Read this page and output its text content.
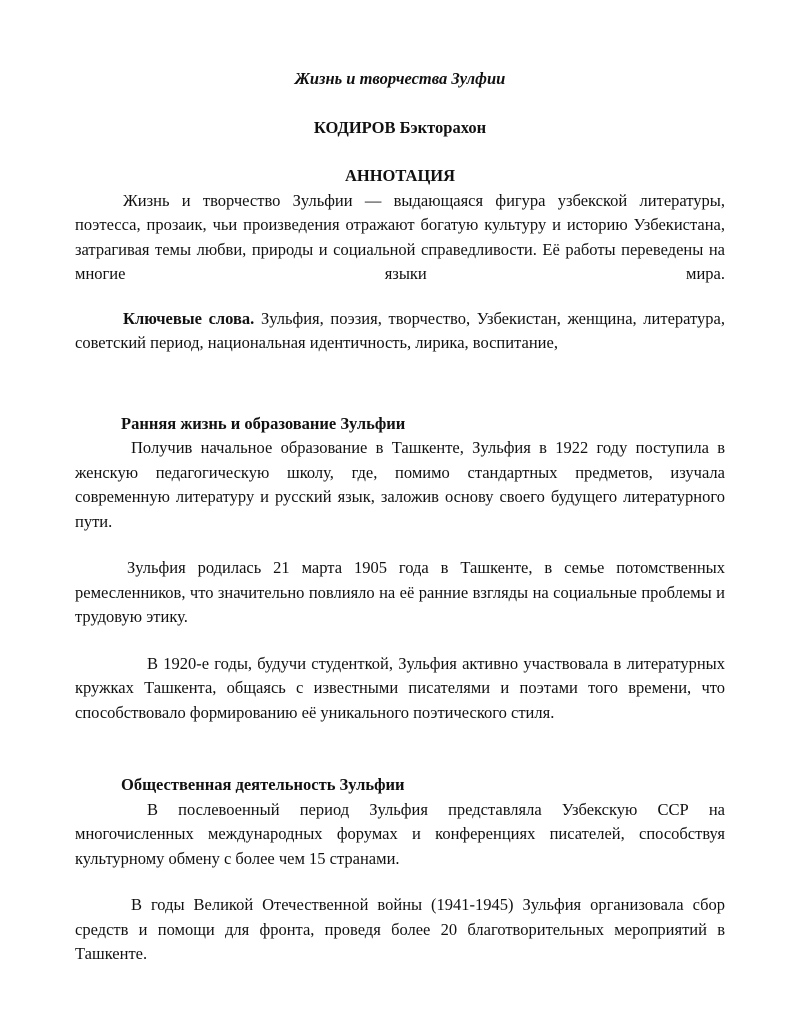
Жизнь и творчества Зулфии

КОДИРОВ Бэкторахон

АННОТАЦИЯ

Жизнь и творчество Зульфии — выдающаяся фигура узбекской литературы, поэтесса, прозаик, чьи произведения отражают богатую культуру и историю Узбекистана, затрагивая темы любви, природы и социальной справедливости. Её работы переведены на многие языки мира.

Ключевые слова. Зульфия, поэзия, творчество, Узбекистан, женщина, литература, советский период, национальная идентичность, лирика, воспитание,

Ранняя жизнь и образование Зульфии

Получив начальное образование в Ташкенте, Зульфия в 1922 году поступила в женскую педагогическую школу, где, помимо стандартных предметов, изучала современную литературу и русский язык, заложив основу своего будущего литературного пути.

Зульфия родилась 21 марта 1905 года в Ташкенте, в семье потомственных ремесленников, что значительно повлияло на её ранние взгляды на социальные проблемы и трудовую этику.

В 1920-е годы, будучи студенткой, Зульфия активно участвовала в литературных кружках Ташкента, общаясь с известными писателями и поэтами того времени, что способствовало формированию её уникального поэтического стиля.

Общественная деятельность Зульфии

В послевоенный период Зульфия представляла Узбекскую ССР на многочисленных международных форумах и конференциях писателей, способствуя культурному обмену с более чем 15 странами.

В годы Великой Отечественной войны (1941-1945) Зульфия организовала сбор средств и помощи для фронта, проведя более 20 благотворительных мероприятий в Ташкенте.
